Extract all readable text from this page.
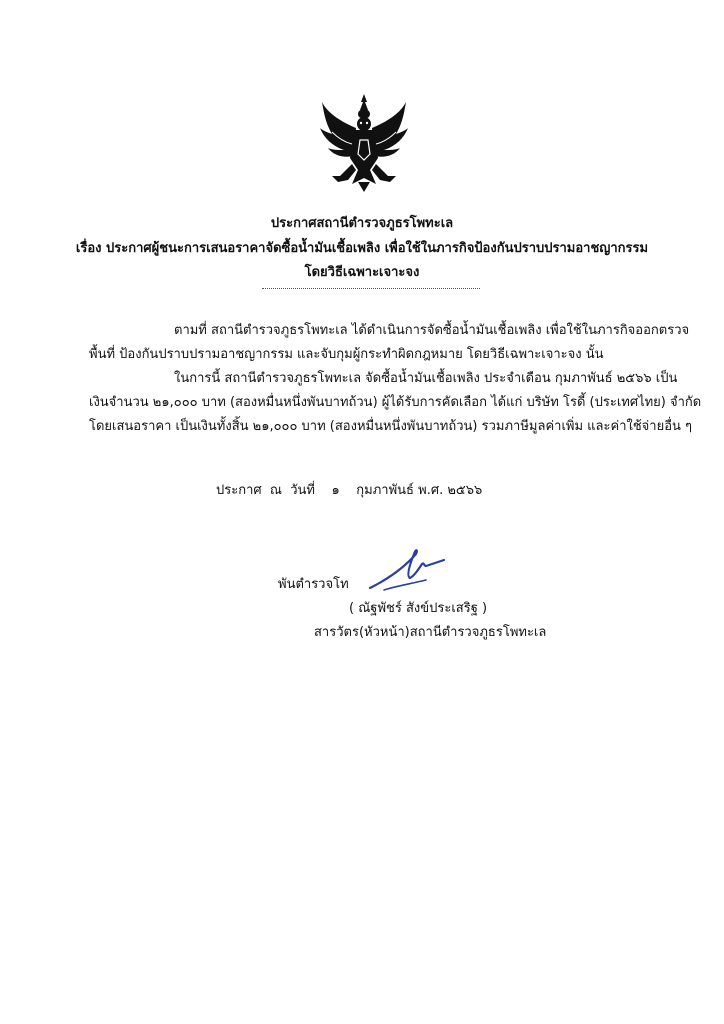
ประกาศสถานีตำรวจภูธรโพทะเล
เรื่อง ประกาศผู้ชนะการเสนอราคาจัดซื้อน้ำมันเชื้อเพลิง เพื่อใช้ในภารกิจป้องกันปราบปรามอาชญากรรม
โดยวิธีเฉพาะเจาะจง
ตามที่ สถานีตำรวจภูธรโพทะเล ได้ดำเนินการจัดซื้อน้ำมันเชื้อเพลิง เพื่อใช้ในภารกิจออกตรวจ
พื้นที่ ป้องกันปราบปรามอาชญากรรม และจับกุมผู้กระทำผิดกฎหมาย โดยวิธีเฉพาะเจาะจง นั้น
ในการนี้ สถานีตำรวจภูธรโพทะเล จัดซื้อน้ำมันเชื้อเพลิง ประจำเดือน กุมภาพันธ์ ๒๕๖๖ เป็น
เงินจำนวน ๒๑,๐๐๐ บาท (สองหมื่นหนึ่งพันบาทถ้วน) ผู้ได้รับการคัดเลือก ได้แก่ บริษัท โรดี้ (ประเทศไทย) จำกัด
โดยเสนอราคา เป็นเงินทั้งสิ้น ๒๑,๐๐๐ บาท (สองหมื่นหนึ่งพันบาทถ้วน) รวมภาษีมูลค่าเพิ่ม และค่าใช้จ่ายอื่น ๆ
ประกาศ  ณ  วันที่    ๑    กุมภาพันธ์ พ.ศ. ๒๕๖๖
พันตำรวจโท
( ณัฐพัชร์ สังข์ประเสริฐ )
สารวัตร(หัวหน้า)สถานีตำรวจภูธรโพทะเล
